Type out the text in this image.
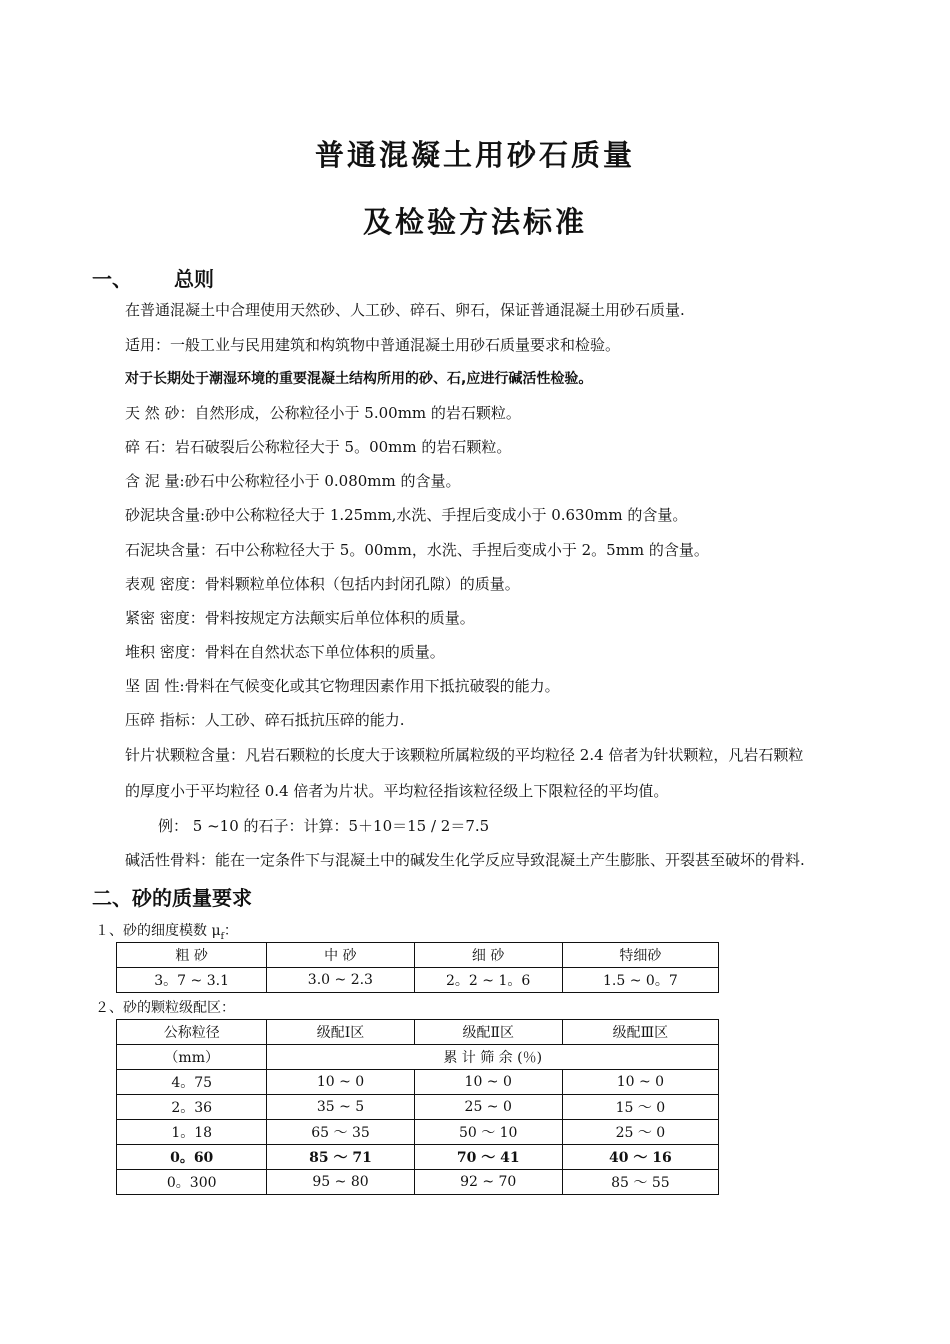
普通混凝土用砂石质量
及检验方法标准
一、 总则
在普通混凝土中合理使用天然砂、人工砂、碎石、卵石，保证普通混凝土用砂石质量.
适用：一般工业与民用建筑和构筑物中普通混凝土用砂石质量要求和检验。
对于长期处于潮湿环境的重要混凝土结构所用的砂、石,应进行碱活性检验。
天 然 砂：自然形成，公称粒径小于 5.00mm 的岩石颗粒。
碎 石：岩石破裂后公称粒径大于 5。00mm 的岩石颗粒。
含 泥 量:砂石中公称粒径小于 0.080mm 的含量。
砂泥块含量:砂中公称粒径大于 1.25mm,水洗、手捏后变成小于 0.630mm 的含量。
石泥块含量：石中公称粒径大于 5。00mm，水洗、手捏后变成小于 2。5mm 的含量。
表观 密度：骨料颗粒单位体积（包括内封闭孔隙）的质量。
紧密 密度：骨料按规定方法颠实后单位体积的质量。
堆积 密度：骨料在自然状态下单位体积的质量。
坚 固 性:骨料在气候变化或其它物理因素作用下抵抗破裂的能力。
压碎 指标：人工砂、碎石抵抗压碎的能力.
针片状颗粒含量：凡岩石颗粒的长度大于该颗粒所属粒级的平均粒径 2.4 倍者为针状颗粒，凡岩石颗粒
的厚度小于平均粒径 0.4 倍者为片状。平均粒径指该粒径级上下限粒径的平均值。
例： 5 ~10 的石子：计算：5＋10＝15 / 2＝7.5
碱活性骨料：能在一定条件下与混凝土中的碱发生化学反应导致混凝土产生膨胀、开裂甚至破坏的骨料.
二、砂的质量要求
１、砂的细度模数 $\mu_f$：
粗 砂	中 砂	细 砂	特细砂
3。7 ~ 3.1	3.0 ~ 2.3	2。2 ~ 1。6	1.5 ~ 0。7
２、砂的颗粒级配区：
公称粒径	级配Ⅰ区	级配Ⅱ区	级配Ⅲ区
（mm）	累 计 筛 余 (％)		
4。75	10 ~ 0	10 ~ 0	10 ~ 0
2。36	35 ~ 5	25 ~ 0	15 〜 0
1。18	65 〜 35	50 〜 10	25 〜 0
0。60	85 〜 71	70 〜 41	40 〜 16
0。300	95 ~ 80	92 ~ 70	85 〜 55
